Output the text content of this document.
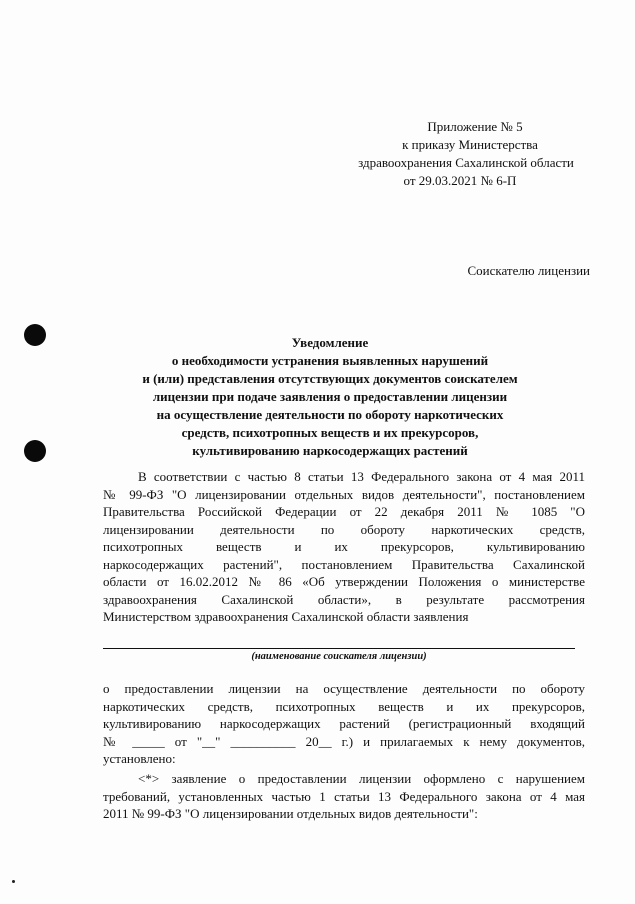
Приложение № 5
к приказу Министерства
здравоохранения Сахалинской области
от 29.03.2021 № 6-П
Соискателю лицензии
Уведомление
о необходимости устранения выявленных нарушений
и (или) представления отсутствующих документов соискателем
лицензии при подаче заявления о предоставлении лицензии
на осуществление деятельности по обороту наркотических
средств, психотропных веществ и их прекурсоров,
культивированию наркосодержащих растений
В соответствии с частью 8 статьи 13 Федерального закона от 4 мая 2011
№ 99-ФЗ "О лицензировании отдельных видов деятельности", постановлением
Правительства Российской Федерации от 22 декабря 2011 № 1085 "О
лицензировании деятельности по обороту наркотических средств,
психотропных веществ и их прекурсоров, культивированию
наркосодержащих растений", постановлением Правительства Сахалинской
области от 16.02.2012 № 86 «Об утверждении Положения о министерстве
здравоохранения Сахалинской области», в результате рассмотрения
Министерством здравоохранения Сахалинской области заявления
(наименование соискателя лицензии)
о предоставлении лицензии на осуществление деятельности по обороту
наркотических средств, психотропных веществ и их прекурсоров,
культивированию наркосодержащих растений (регистрационный входящий
№ _____ от "__" __________ 20__ г.) и прилагаемых к нему документов,
установлено:
<*> заявление о предоставлении лицензии оформлено с нарушением
требований, установленных частью 1 статьи 13 Федерального закона от 4 мая
2011 № 99-ФЗ "О лицензировании отдельных видов деятельности":
